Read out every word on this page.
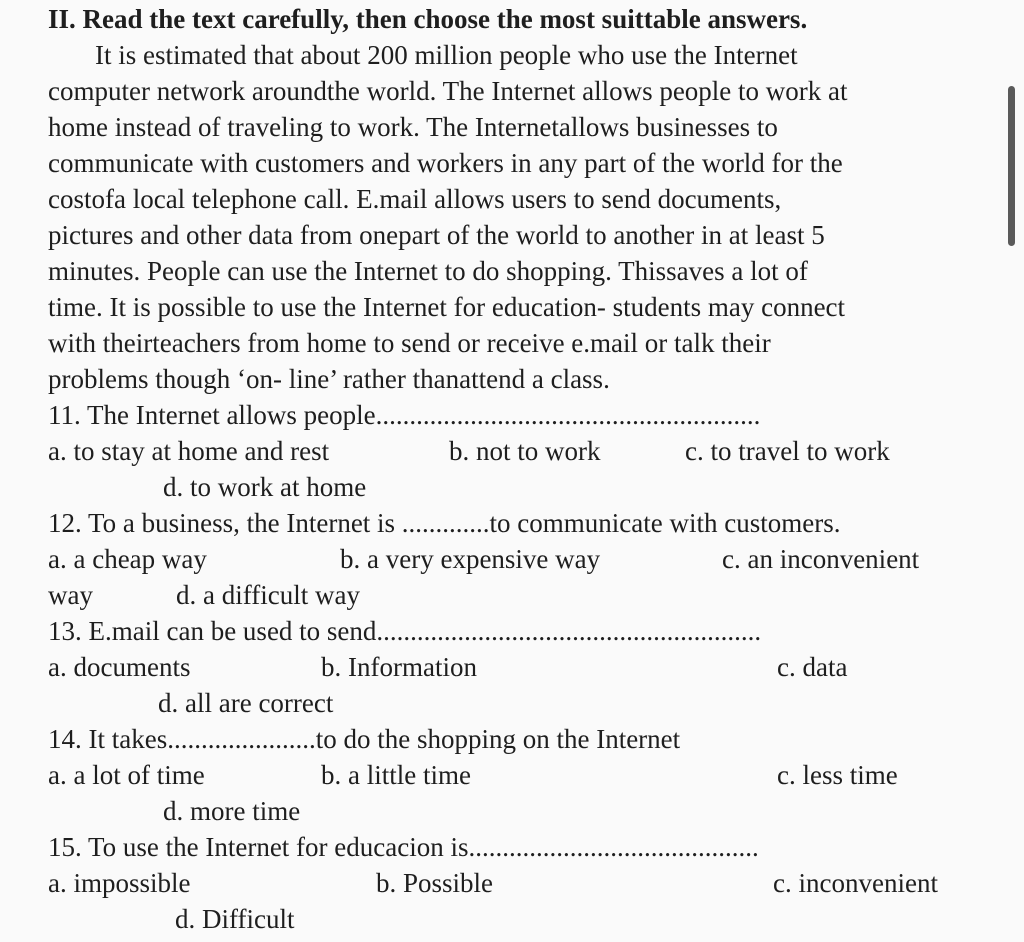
II. Read the text carefully, then choose the most suittable answers.
It is estimated that about 200 million people who use the Internet
computer network aroundthe world. The Internet allows people to work at
home instead of traveling to work. The Internetallows businesses to
communicate with customers and workers in any part of the world for the
costofa local telephone call. E.mail allows users to send documents,
pictures and other data from onepart of the world to another in at least 5
minutes. People can use the Internet to do shopping. Thissaves a lot of
time. It is possible to use the Internet for education- students may connect
with theirteachers from home to send or receive e.mail or talk their
problems though ‘on- line’ rather thanattend a class.
11. The Internet allows people.........................................................
a. to stay at home and rest	b. not to work	c. to travel to work
d. to work at home
12. To a business, the Internet is .............to communicate with customers.
a. a cheap way	b. a very expensive way	c. an inconvenient
way	d. a difficult way
13. E.mail can be used to send.........................................................
a. documents	b. Information	c. data
d. all are correct
14. It takes......................to do the shopping on the Internet
a. a lot of time	b. a little time	c. less time
d. more time
15. To use the Internet for educacion is...........................................
a. impossible	b. Possible	c. inconvenient
d. Difficult
